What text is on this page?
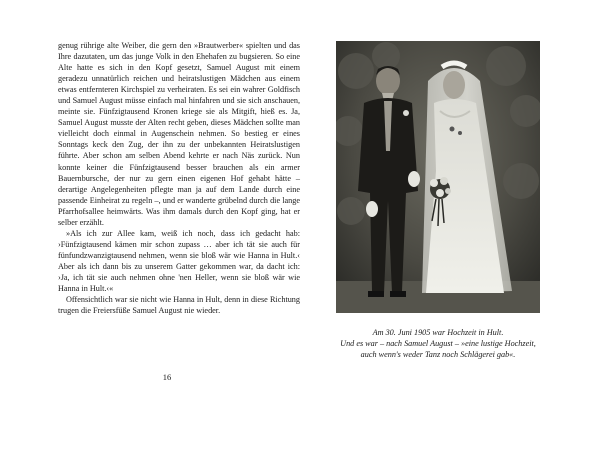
genug rührige alte Weiber, die gern den »Brautwerber« spielten und das Ihre dazutaten, um das junge Volk in den Ehehafen zu bugsieren. So eine Alte hatte es sich in den Kopf gesetzt, Samuel August mit einem geradezu unnatürlich reichen und heiratslustigen Mädchen aus einem etwas entfernteren Kirchspiel zu verheiraten. Es sei ein wahrer Goldfisch und Samuel August müsse einfach mal hinfahren und sie sich anschauen, meinte sie. Fünfzigtausend Kronen kriege sie als Mitgift, hieß es. Ja, Samuel August musste der Alten recht geben, dieses Mädchen sollte man vielleicht doch einmal in Augenschein nehmen. So bestieg er eines Sonntags keck den Zug, der ihn zu der unbekannten Heiratslustigen führte. Aber schon am selben Abend kehrte er nach Näs zurück. Nun konnte keiner die Fünfzigtausend besser brauchen als ein armer Bauernbursche, der nur zu gern einen eigenen Hof gehabt hätte – derartige Angelegenheiten pflegte man ja auf dem Lande durch eine passende Einheirat zu regeln –, und er wanderte grübelnd durch die lange Pfarrhofsallee heimwärts. Was ihm damals durch den Kopf ging, hat er selber erzählt.

»Als ich zur Allee kam, weiß ich noch, dass ich gedacht hab: ›Fünfzigtausend kämen mir schon zupass … aber ich tät sie auch für fünfundzwanzigtausend nehmen, wenn sie bloß wär wie Hanna in Hult.‹ Aber als ich dann bis zu unserem Gatter gekommen war, da dacht ich: ›Ja, ich tät sie auch nehmen ohne 'nen Heller, wenn sie bloß wär wie Hanna in Hult.‹«

Offensichtlich war sie nicht wie Hanna in Hult, denn in diese Richtung trugen die Freiersfüße Samuel August nie wieder.

16
Am 30. Juni 1905 war Hochzeit in Hult.
Und es war – nach Samuel August – »eine lustige Hochzeit,
auch wenn's weder Tanz noch Schlägerei gab«.
